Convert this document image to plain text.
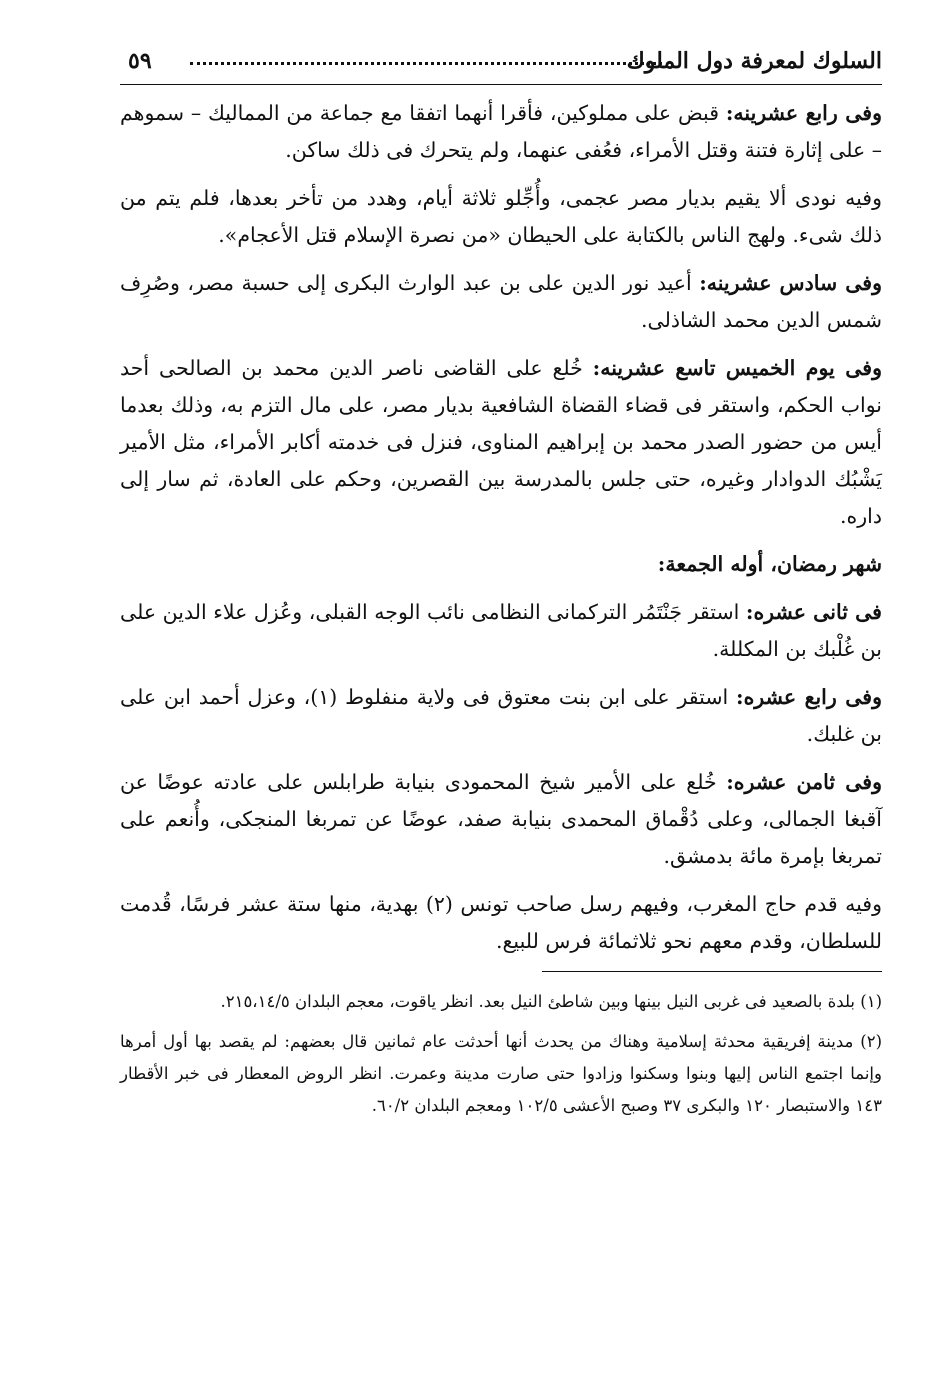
السلوك لمعرفة دول الملوك
٥٩

وفى رابع عشرينه: قبض على مملوكين، فأقرا أنهما اتفقا مع جماعة من المماليك – سموهم – على إثارة فتنة وقتل الأمراء، فعُفى عنهما، ولم يتحرك فى ذلك ساكن.

وفيه نودى ألا يقيم بديار مصر عجمى، وأُجِّلو ثلاثة أيام، وهدد من تأخر بعدها، فلم يتم من ذلك شىء. ولهج الناس بالكتابة على الحيطان «من نصرة الإسلام قتل الأعجام».

وفى سادس عشرينه: أعيد نور الدين على بن عبد الوارث البكرى إلى حسبة مصر، وصُرِف شمس الدين محمد الشاذلى.

وفى يوم الخميس تاسع عشرينه: خُلع على القاضى ناصر الدين محمد بن الصالحى أحد نواب الحكم، واستقر فى قضاء القضاة الشافعية بديار مصر، على مال التزم به، وذلك بعدما أيس من حضور الصدر محمد بن إبراهيم المناوى، فنزل فى خدمته أكابر الأمراء، مثل الأمير يَشْبُك الدوادار وغيره، حتى جلس بالمدرسة بين القصرين، وحكم على العادة، ثم سار إلى داره.

شهر رمضان، أوله الجمعة:

فى ثانى عشره: استقر جَنْتَمُر التركمانى النظامى نائب الوجه القبلى، وعُزل علاء الدين على بن غُلْبك بن المكللة.

وفى رابع عشره: استقر على ابن بنت معتوق فى ولاية منفلوط (١)، وعزل أحمد ابن على بن غلبك.

وفى ثامن عشره: خُلع على الأمير شيخ المحمودى بنيابة طرابلس على عادته عوضًا عن آقبغا الجمالى، وعلى دُقْماق المحمدى بنيابة صفد، عوضًا عن تمربغا المنجكى، وأُنعم على تمربغا بإمرة مائة بدمشق.

وفيه قدم حاج المغرب، وفيهم رسل صاحب تونس (٢) بهدية، منها ستة عشر فرسًا، قُدمت للسلطان، وقدم معهم نحو ثلاثمائة فرس للبيع.

(١) بلدة بالصعيد فى غربى النيل بينها وبين شاطئ النيل بعد. انظر ياقوت، معجم البلدان ٢١٥،١٤/٥.

(٢) مدينة إفريقية محدثة إسلامية وهناك من يحدث أنها أحدثت عام ثمانين قال بعضهم: لم يقصد بها أول أمرها وإنما اجتمع الناس إليها وبنوا وسكنوا وزادوا حتى صارت مدينة وعمرت. انظر الروض المعطار فى خبر الأقطار ١٤٣ والاستبصار ١٢٠ والبكرى ٣٧ وصبح الأعشى ١٠٢/٥ ومعجم البلدان ٦٠/٢.
